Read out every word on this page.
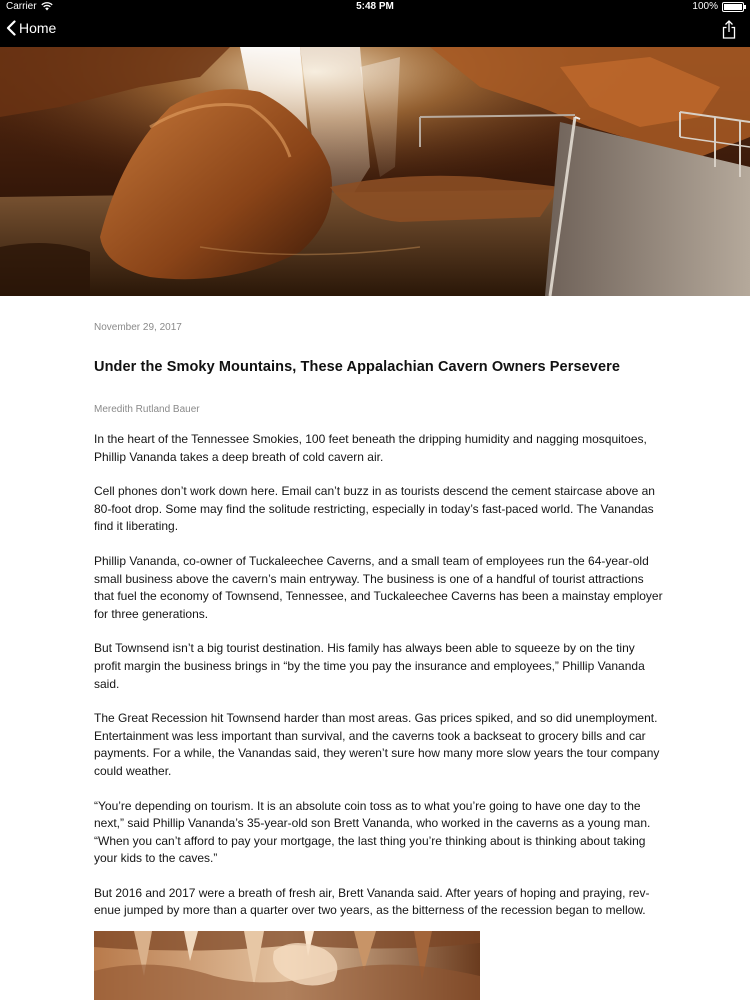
Carrier	5:48 PM	100%
Home
November 29, 2017
Under the Smoky Mountains, These Appalachian Cavern Owners Persevere
Meredith Rutland Bauer

In the heart of the Tennessee Smokies, 100 feet beneath the dripping humidity and nagging mosquitoes, Phillip Vananda takes a deep breath of cold cavern air.

Cell phones don’t work down here. Email can’t buzz in as tourists descend the cement staircase above an 80-foot drop. Some may find the solitude restricting, especially in today’s fast-paced world. The Vanandas find it liberating.

Phillip Vananda, co-owner of Tuckaleechee Caverns, and a small team of employees run the 64-year-old small business above the cavern’s main entryway. The business is one of a handful of tourist attractions that fuel the economy of Townsend, Tennessee, and Tuckaleechee Caverns has been a mainstay employer for three generations.

But Townsend isn’t a big tourist destination. His family has always been able to squeeze by on the tiny profit margin the business brings in “by the time you pay the insurance and employees,” Phillip Vananda said.

The Great Recession hit Townsend harder than most areas. Gas prices spiked, and so did unemployment. Entertainment was less important than survival, and the caverns took a backseat to grocery bills and car payments. For a while, the Vanandas said, they weren’t sure how many more slow years the tour company could weather.

“You’re depending on tourism. It is an absolute coin toss as to what you’re going to have one day to the next,” said Phillip Vananda’s 35-year-old son Brett Vananda, who worked in the caverns as a young man. “When you can’t afford to pay your mortgage, the last thing you’re thinking about is thinking about taking your kids to the caves.”

But 2016 and 2017 were a breath of fresh air, Brett Vananda said. After years of hoping and praying, rev-enue jumped by more than a quarter over two years, as the bitterness of the recession began to mellow.
